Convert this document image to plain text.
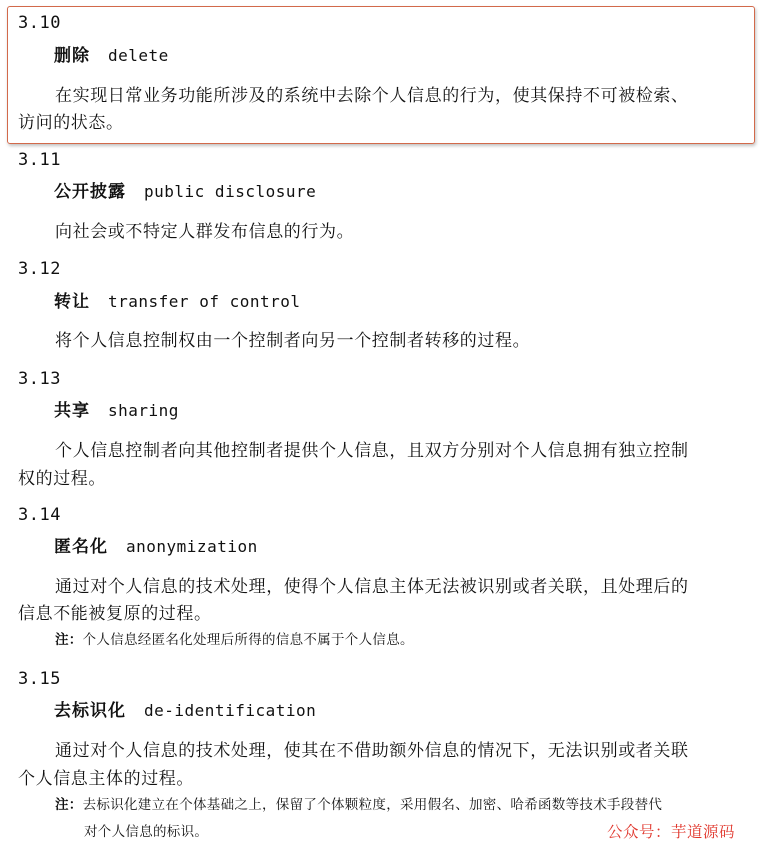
3.10
删除 delete
在实现日常业务功能所涉及的系统中去除个人信息的行为，使其保持不可被检索、
访问的状态。
3.11
公开披露 public disclosure
向社会或不特定人群发布信息的行为。
3.12
转让 transfer of control
将个人信息控制权由一个控制者向另一个控制者转移的过程。
3.13
共享 sharing
个人信息控制者向其他控制者提供个人信息，且双方分别对个人信息拥有独立控制
权的过程。
3.14
匿名化 anonymization
通过对个人信息的技术处理，使得个人信息主体无法被识别或者关联，且处理后的
信息不能被复原的过程。
注：个人信息经匿名化处理后所得的信息不属于个人信息。
3.15
去标识化 de-identification
通过对个人信息的技术处理，使其在不借助额外信息的情况下，无法识别或者关联
个人信息主体的过程。
注：去标识化建立在个体基础之上，保留了个体颗粒度，采用假名、加密、哈希函数等技术手段替代
对个人信息的标识。	公众号：芋道源码
